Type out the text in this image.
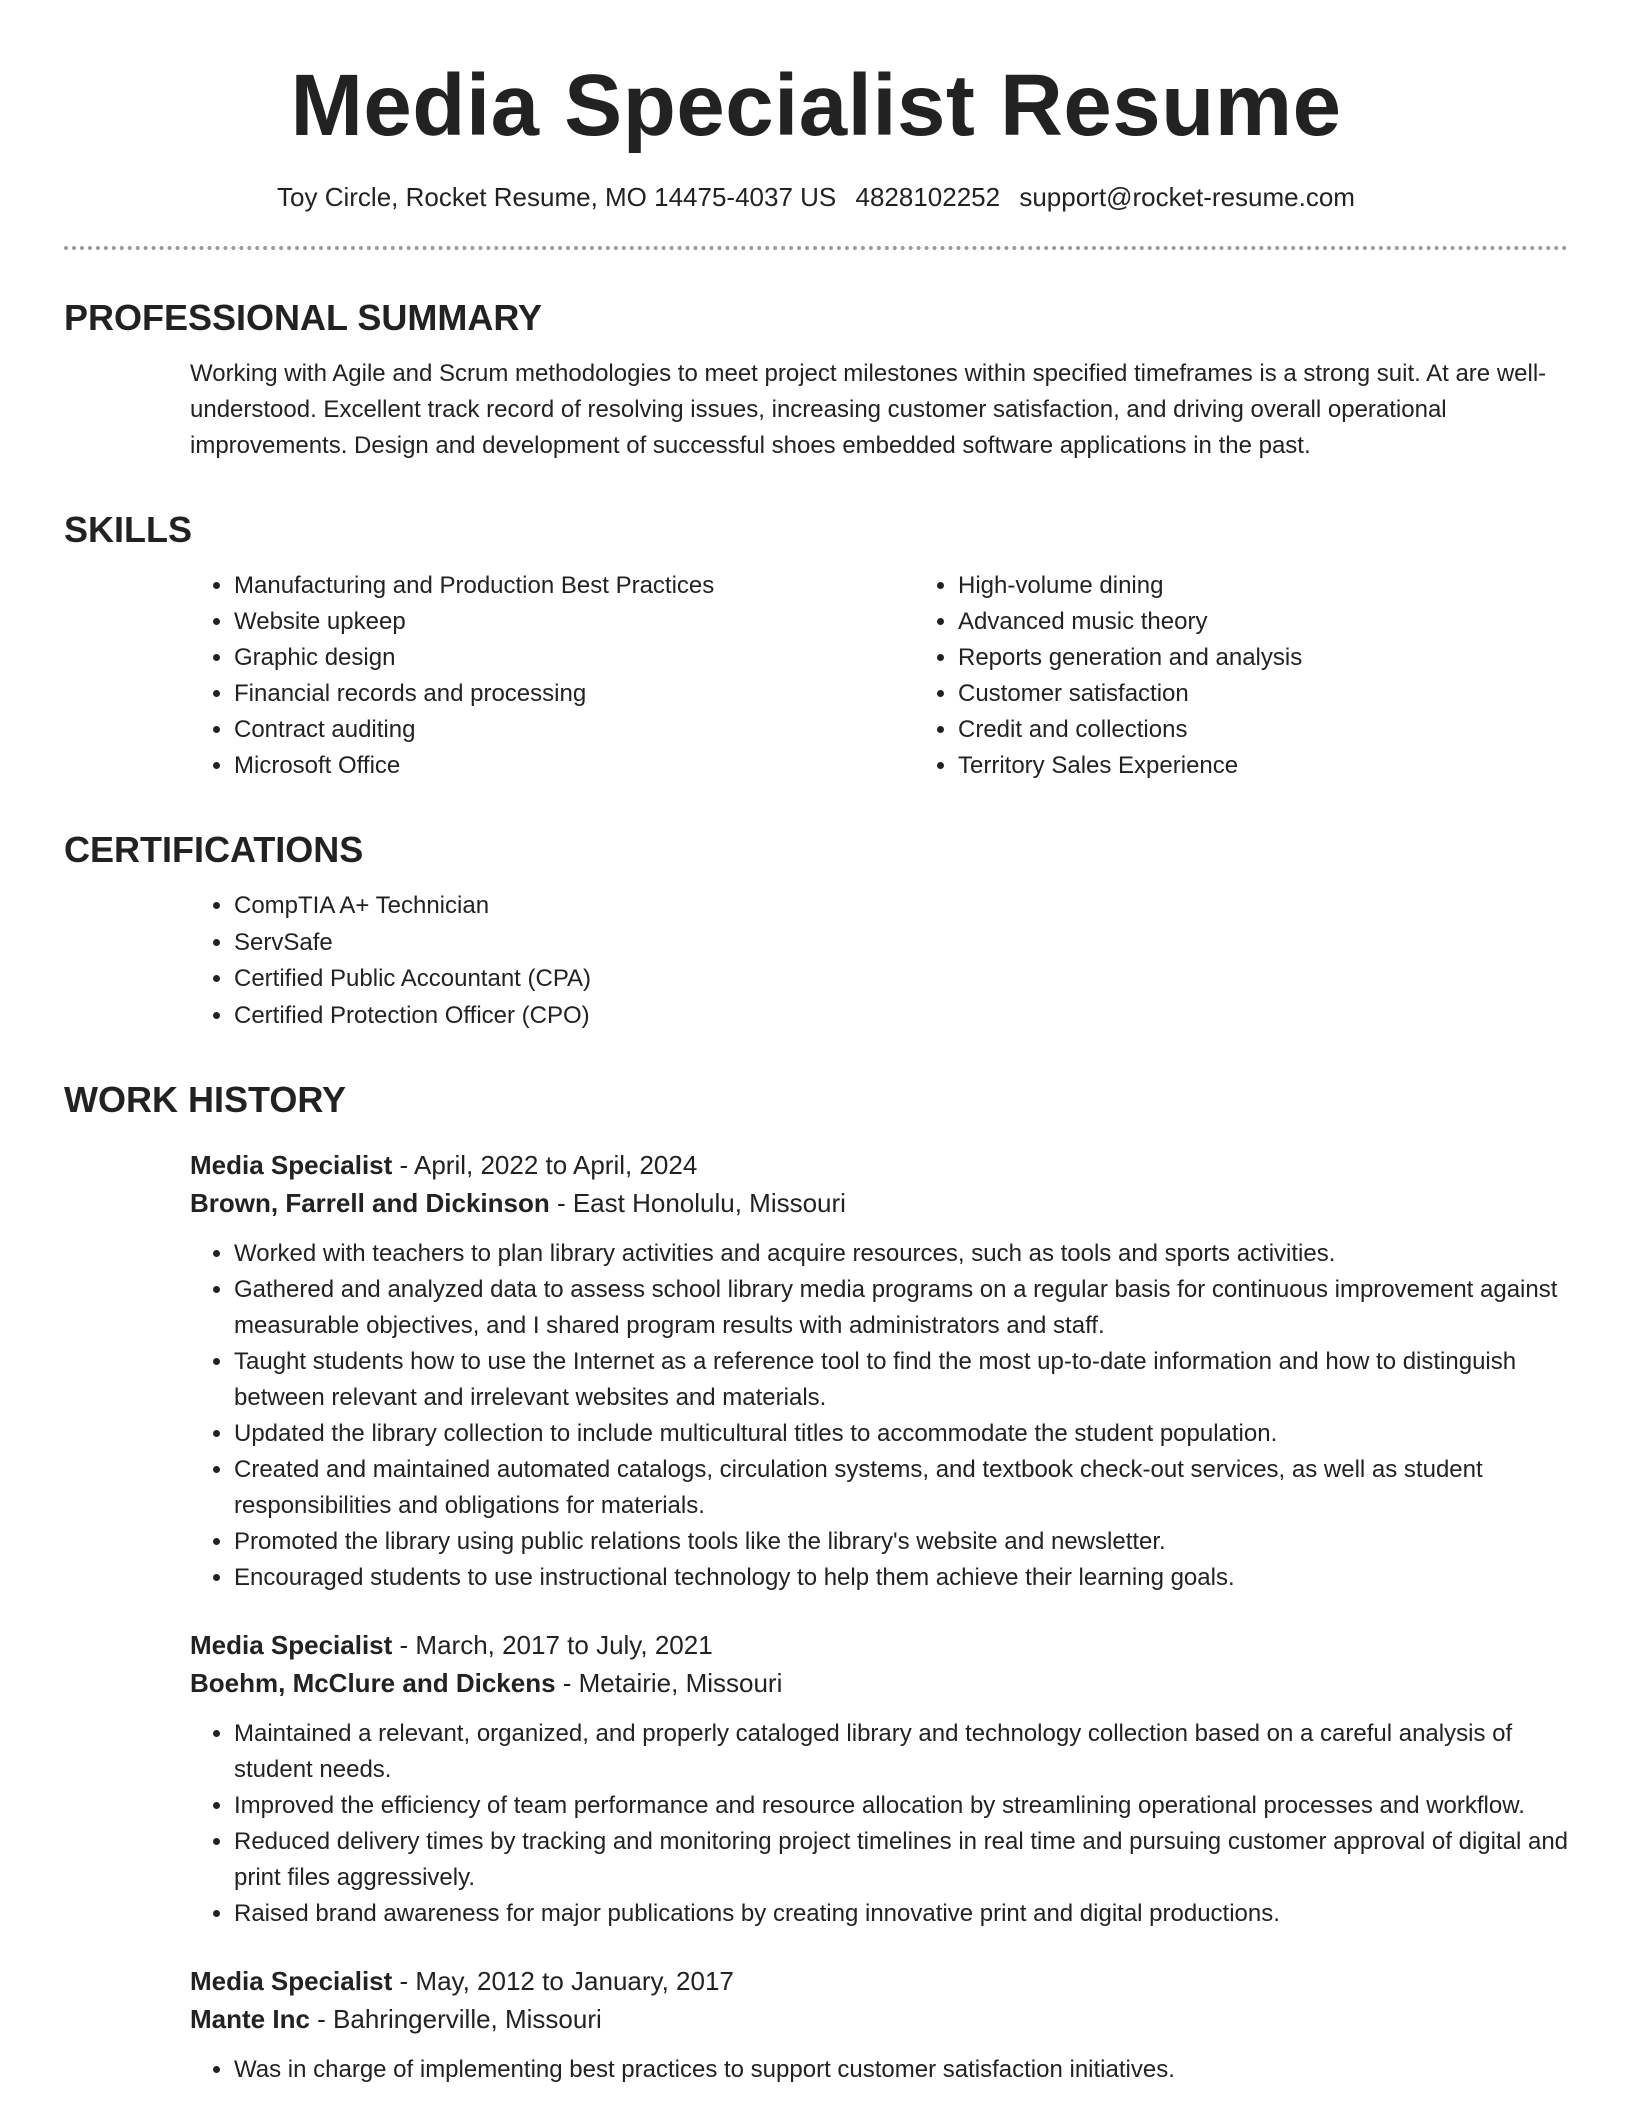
Media Specialist Resume
Toy Circle, Rocket Resume, MO 14475-4037 US 4828102252 support@rocket-resume.com
PROFESSIONAL SUMMARY
Working with Agile and Scrum methodologies to meet project milestones within specified timeframes is a strong suit. At are well-understood. Excellent track record of resolving issues, increasing customer satisfaction, and driving overall operational improvements. Design and development of successful shoes embedded software applications in the past.
SKILLS
• Manufacturing and Production Best Practices
• Website upkeep
• Graphic design
• Financial records and processing
• Contract auditing
• Microsoft Office
• High-volume dining
• Advanced music theory
• Reports generation and analysis
• Customer satisfaction
• Credit and collections
• Territory Sales Experience
CERTIFICATIONS
• CompTIA A+ Technician
• ServSafe
• Certified Public Accountant (CPA)
• Certified Protection Officer (CPO)
WORK HISTORY
Media Specialist - April, 2022 to April, 2024
Brown, Farrell and Dickinson - East Honolulu, Missouri
• Worked with teachers to plan library activities and acquire resources, such as tools and sports activities.
• Gathered and analyzed data to assess school library media programs on a regular basis for continuous improvement against measurable objectives, and I shared program results with administrators and staff.
• Taught students how to use the Internet as a reference tool to find the most up-to-date information and how to distinguish between relevant and irrelevant websites and materials.
• Updated the library collection to include multicultural titles to accommodate the student population.
• Created and maintained automated catalogs, circulation systems, and textbook check-out services, as well as student responsibilities and obligations for materials.
• Promoted the library using public relations tools like the library's website and newsletter.
• Encouraged students to use instructional technology to help them achieve their learning goals.
Media Specialist - March, 2017 to July, 2021
Boehm, McClure and Dickens - Metairie, Missouri
• Maintained a relevant, organized, and properly cataloged library and technology collection based on a careful analysis of student needs.
• Improved the efficiency of team performance and resource allocation by streamlining operational processes and workflow.
• Reduced delivery times by tracking and monitoring project timelines in real time and pursuing customer approval of digital and print files aggressively.
• Raised brand awareness for major publications by creating innovative print and digital productions.
Media Specialist - May, 2012 to January, 2017
Mante Inc - Bahringerville, Missouri
• Was in charge of implementing best practices to support customer satisfaction initiatives.
